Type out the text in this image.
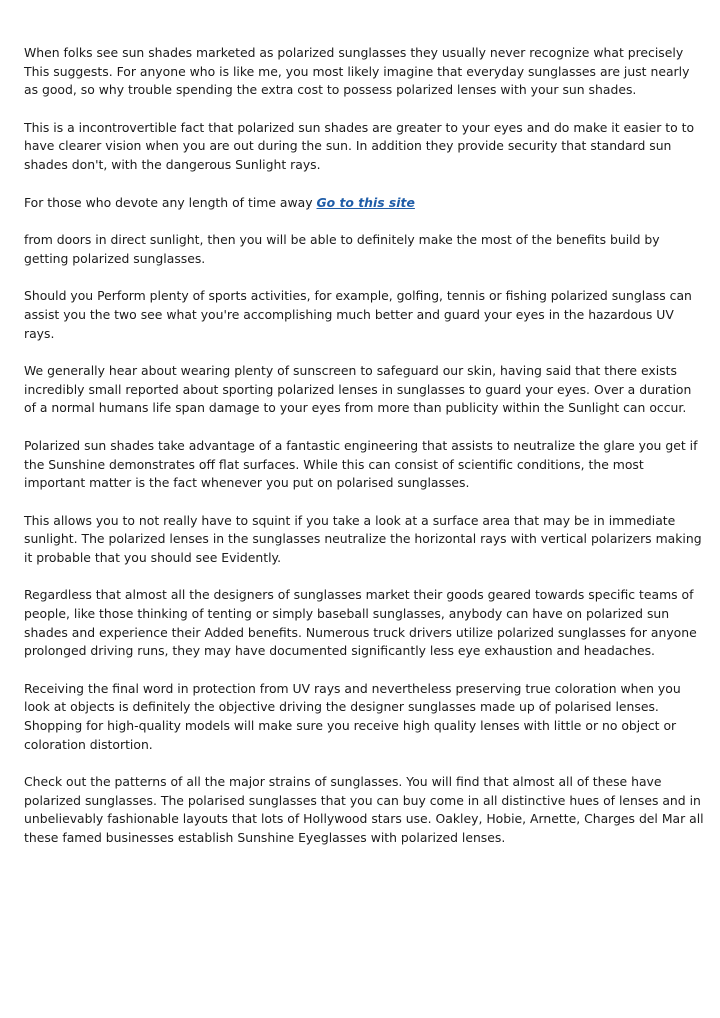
When folks see sun shades marketed as polarized sunglasses they usually never recognize what precisely This suggests. For anyone who is like me, you most likely imagine that everyday sunglasses are just nearly as good, so why trouble spending the extra cost to possess polarized lenses with your sun shades.

This is a incontrovertible fact that polarized sun shades are greater to your eyes and do make it easier to to have clearer vision when you are out during the sun. In addition they provide security that standard sun shades don't, with the dangerous Sunlight rays.

For those who devote any length of time away Go to this site

from doors in direct sunlight, then you will be able to definitely make the most of the benefits build by getting polarized sunglasses.

Should you Perform plenty of sports activities, for example, golfing, tennis or fishing polarized sunglass can assist you the two see what you're accomplishing much better and guard your eyes in the hazardous UV rays.

We generally hear about wearing plenty of sunscreen to safeguard our skin, having said that there exists incredibly small reported about sporting polarized lenses in sunglasses to guard your eyes. Over a duration of a normal humans life span damage to your eyes from more than publicity within the Sunlight can occur.

Polarized sun shades take advantage of a fantastic engineering that assists to neutralize the glare you get if the Sunshine demonstrates off flat surfaces. While this can consist of scientific conditions, the most important matter is the fact whenever you put on polarised sunglasses.

This allows you to not really have to squint if you take a look at a surface area that may be in immediate sunlight. The polarized lenses in the sunglasses neutralize the horizontal rays with vertical polarizers making it probable that you should see Evidently.

Regardless that almost all the designers of sunglasses market their goods geared towards specific teams of people, like those thinking of tenting or simply baseball sunglasses, anybody can have on polarized sun shades and experience their Added benefits. Numerous truck drivers utilize polarized sunglasses for anyone prolonged driving runs, they may have documented significantly less eye exhaustion and headaches.

Receiving the final word in protection from UV rays and nevertheless preserving true coloration when you look at objects is definitely the objective driving the designer sunglasses made up of polarised lenses. Shopping for high-quality models will make sure you receive high quality lenses with little or no object or coloration distortion.

Check out the patterns of all the major strains of sunglasses. You will find that almost all of these have polarized sunglasses. The polarised sunglasses that you can buy come in all distinctive hues of lenses and in unbelievably fashionable layouts that lots of Hollywood stars use. Oakley, Hobie, Arnette, Charges del Mar all these famed businesses establish Sunshine Eyeglasses with polarized lenses.
